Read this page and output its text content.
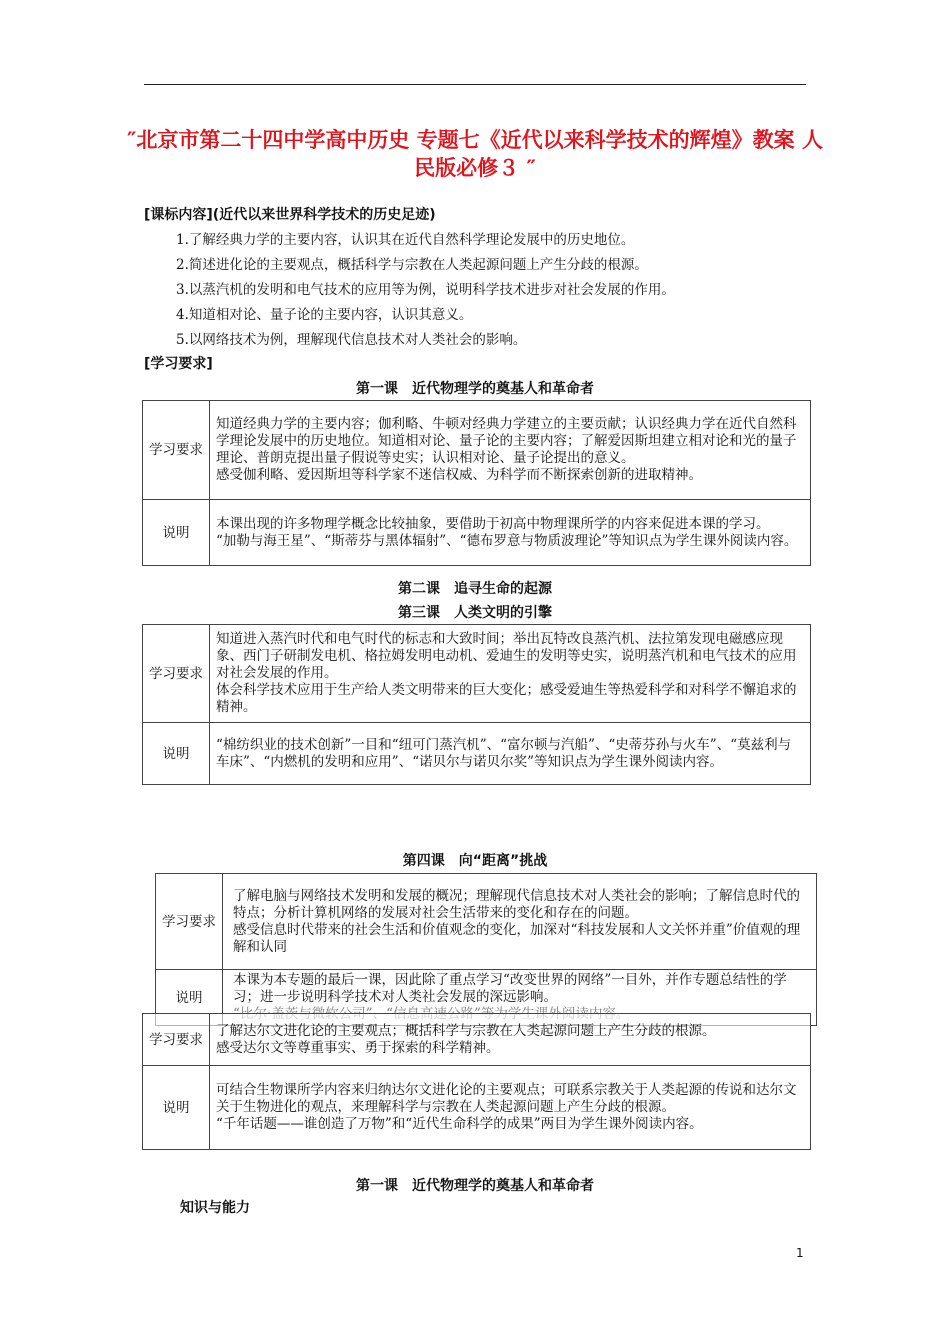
″北京市第二十四中学高中历史 专题七《近代以来科学技术的辉煌》教案 人民版必修３ ″
[课标内容](近代以来世界科学技术的历史足迹)
1.了解经典力学的主要内容，认识其在近代自然科学理论发展中的历史地位。
2.简述进化论的主要观点，概括科学与宗教在人类起源问题上产生分歧的根源。
3.以蒸汽机的发明和电气技术的应用等为例，说明科学技术进步对社会发展的作用。
4.知道相对论、量子论的主要内容，认识其意义。
5.以网络技术为例，理解现代信息技术对人类社会的影响。
[学习要求]
第一课　近代物理学的奠基人和革命者
学习要求	知道经典力学的主要内容；伽利略、牛顿对经典力学建立的主要贡献；认识经典力学在近代自然科学理论发展中的历史地位。知道相对论、量子论的主要内容；了解爱因斯坦建立相对论和光的量子理论、普朗克提出量子假说等史实；认识相对论、量子论提出的意义。
感受伽利略、爱因斯坦等科学家不迷信权威、为科学而不断探索创新的进取精神。
说明	本课出现的许多物理学概念比较抽象，要借助于初高中物理课所学的内容来促进本课的学习。
“加勒与海王星”、“斯蒂芬与黑体辐射”、“德布罗意与物质波理论”等知识点为学生课外阅读内容。
第二课　追寻生命的起源
第三课　人类文明的引擎
学习要求	知道进入蒸汽时代和电气时代的标志和大致时间；举出瓦特改良蒸汽机、法拉第发现电磁感应现象、西门子研制发电机、格拉姆发明电动机、爱迪生的发明等史实，说明蒸汽机和电气技术的应用对社会发展的作用。
体会科学技术应用于生产给人类文明带来的巨大变化；感受爱迪生等热爱科学和对科学不懈追求的精神。
说明	“棉纺织业的技术创新”一目和“纽可门蒸汽机”、“富尔顿与汽船”、“史蒂芬孙与火车”、“莫兹利与车床”、“内燃机的发明和应用”、“诺贝尔与诺贝尔奖”等知识点为学生课外阅读内容。
第四课　向“距离”挑战
学习要求	了解电脑与网络技术发明和发展的概况；理解现代信息技术对人类社会的影响；了解信息时代的特点；分析计算机网络的发展对社会生活带来的变化和存在的问题。
感受信息时代带来的社会生活和价值观念的变化，加深对“科技发展和人文关怀并重”价值观的理解和认同
说明	本课为本专题的最后一课，因此除了重点学习“改变世界的网络”一目外，并作专题总结性的学习；进一步说明科学技术对人类社会发展的深远影响。
学习要求	了解达尔文进化论的主要观点；概括科学与宗教在人类起源问题上产生分歧的根源。
感受达尔文等尊重事实、勇于探索的科学精神。
说明	可结合生物课所学内容来归纳达尔文进化论的主要观点；可联系宗教关于人类起源的传说和达尔文关于生物进化的观点，来理解科学与宗教在人类起源问题上产生分歧的根源。
“千年话题——谁创造了万物”和“近代生命科学的成果”两目为学生课外阅读内容。
第一课　近代物理学的奠基人和革命者
知识与能力
1
